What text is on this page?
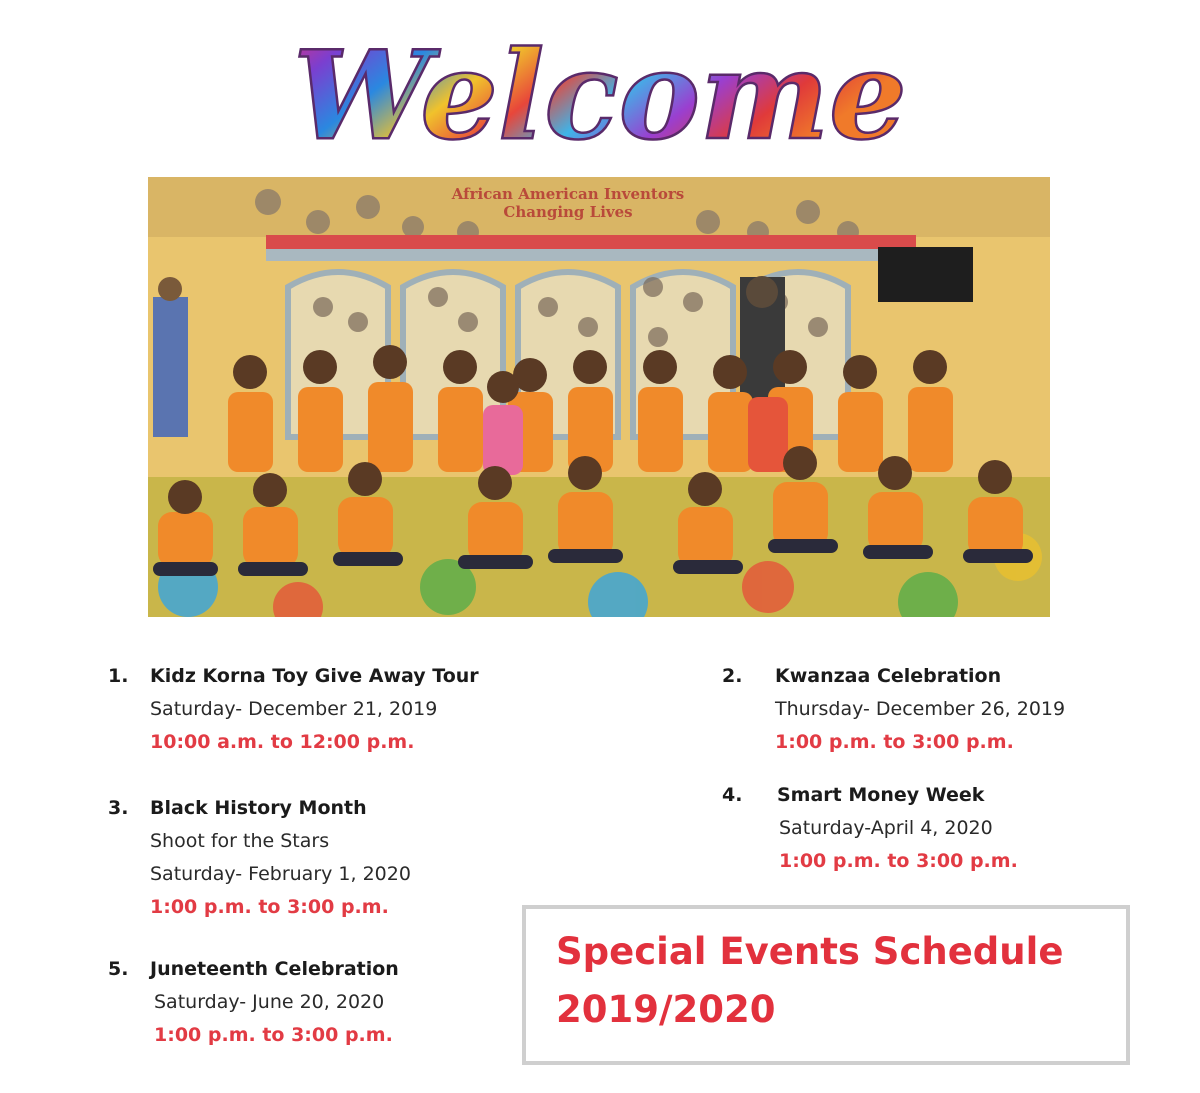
Welcome
African American Inventors
Changing Lives
1.	Kidz Korna Toy Give Away Tour
Saturday- December 21, 2019
10:00 a.m. to 12:00 p.m.
2.	Kwanzaa Celebration
Thursday- December 26, 2019
1:00 p.m. to 3:00 p.m.
3.	Black History Month
Shoot for the Stars
Saturday- February 1, 2020
1:00 p.m. to 3:00 p.m.
4.	Smart Money Week
Saturday-April 4, 2020
1:00 p.m. to 3:00 p.m.
5.	Juneteenth Celebration
Saturday- June 20, 2020
1:00 p.m. to 3:00 p.m.
Special Events Schedule
2019/2020
